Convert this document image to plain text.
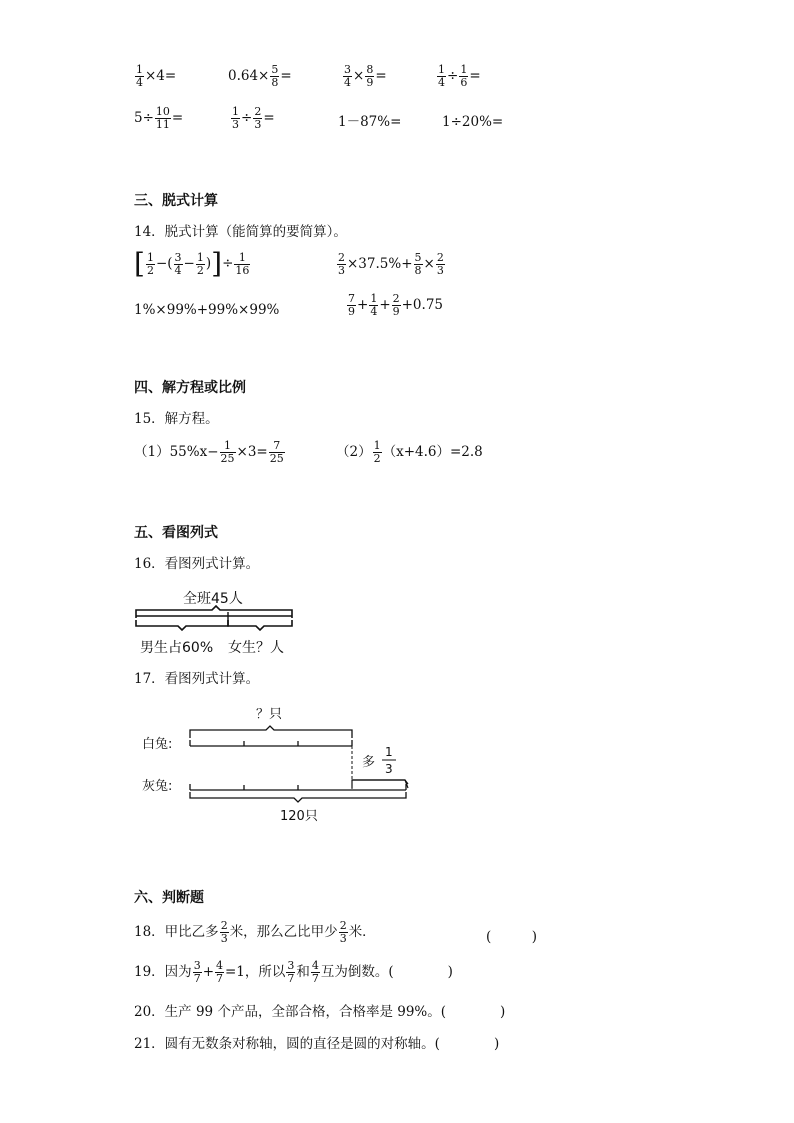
$\frac{1}{4} \times 4=$	$0.64\times \frac{5}{8}$ =	$\frac{3}{4} \times \frac{8}{9}$ =	$\frac{1}{4} \div \frac{1}{6}$ =
$5\div \frac{10}{11}$ =	$\frac{1}{3} \div \frac{2}{3}$ =	1－87%=	1÷20%=
三、脱式计算
14．脱式计算（能简算的要简算）。
[ $\frac{1}{2}$ −( $\frac{3}{4} - \frac{1}{2}$ )]÷ $\frac{1}{16}$	$\frac{2}{3} \times 37.5\%+ \frac{5}{8} \times \frac{2}{3}$
1%×99%+99%×99%	$\frac{7}{9} + \frac{1}{4} + \frac{2}{9} +0.75$
四、解方程或比例
15．解方程。
$(1)55\%x- \frac{1}{25} \times 3= \frac{7}{25}$	$(2) \frac{1}{2} (x+4.6)=2.8$
五、看图列式
16．看图列式计算。
全班45人
男生占60% 女生？人
17．看图列式计算。
？只
白兔:
多
1
3
灰兔:
120只
六、判断题
18．甲比乙多 $\frac{2}{3}$ 米，那么乙比甲少 $\frac{2}{3}$ 米．	(　　　)
19．因为 $\frac{3}{7} + \frac{4}{7} =1$，所以 $\frac{3}{7}$ 和 $\frac{4}{7}$ 互为倒数。(　　　　)
20．生产 99 个产品，全部合格，合格率是 99%。(　　　　)
21．圆有无数条对称轴，圆的直径是圆的对称轴。(　　　　)
